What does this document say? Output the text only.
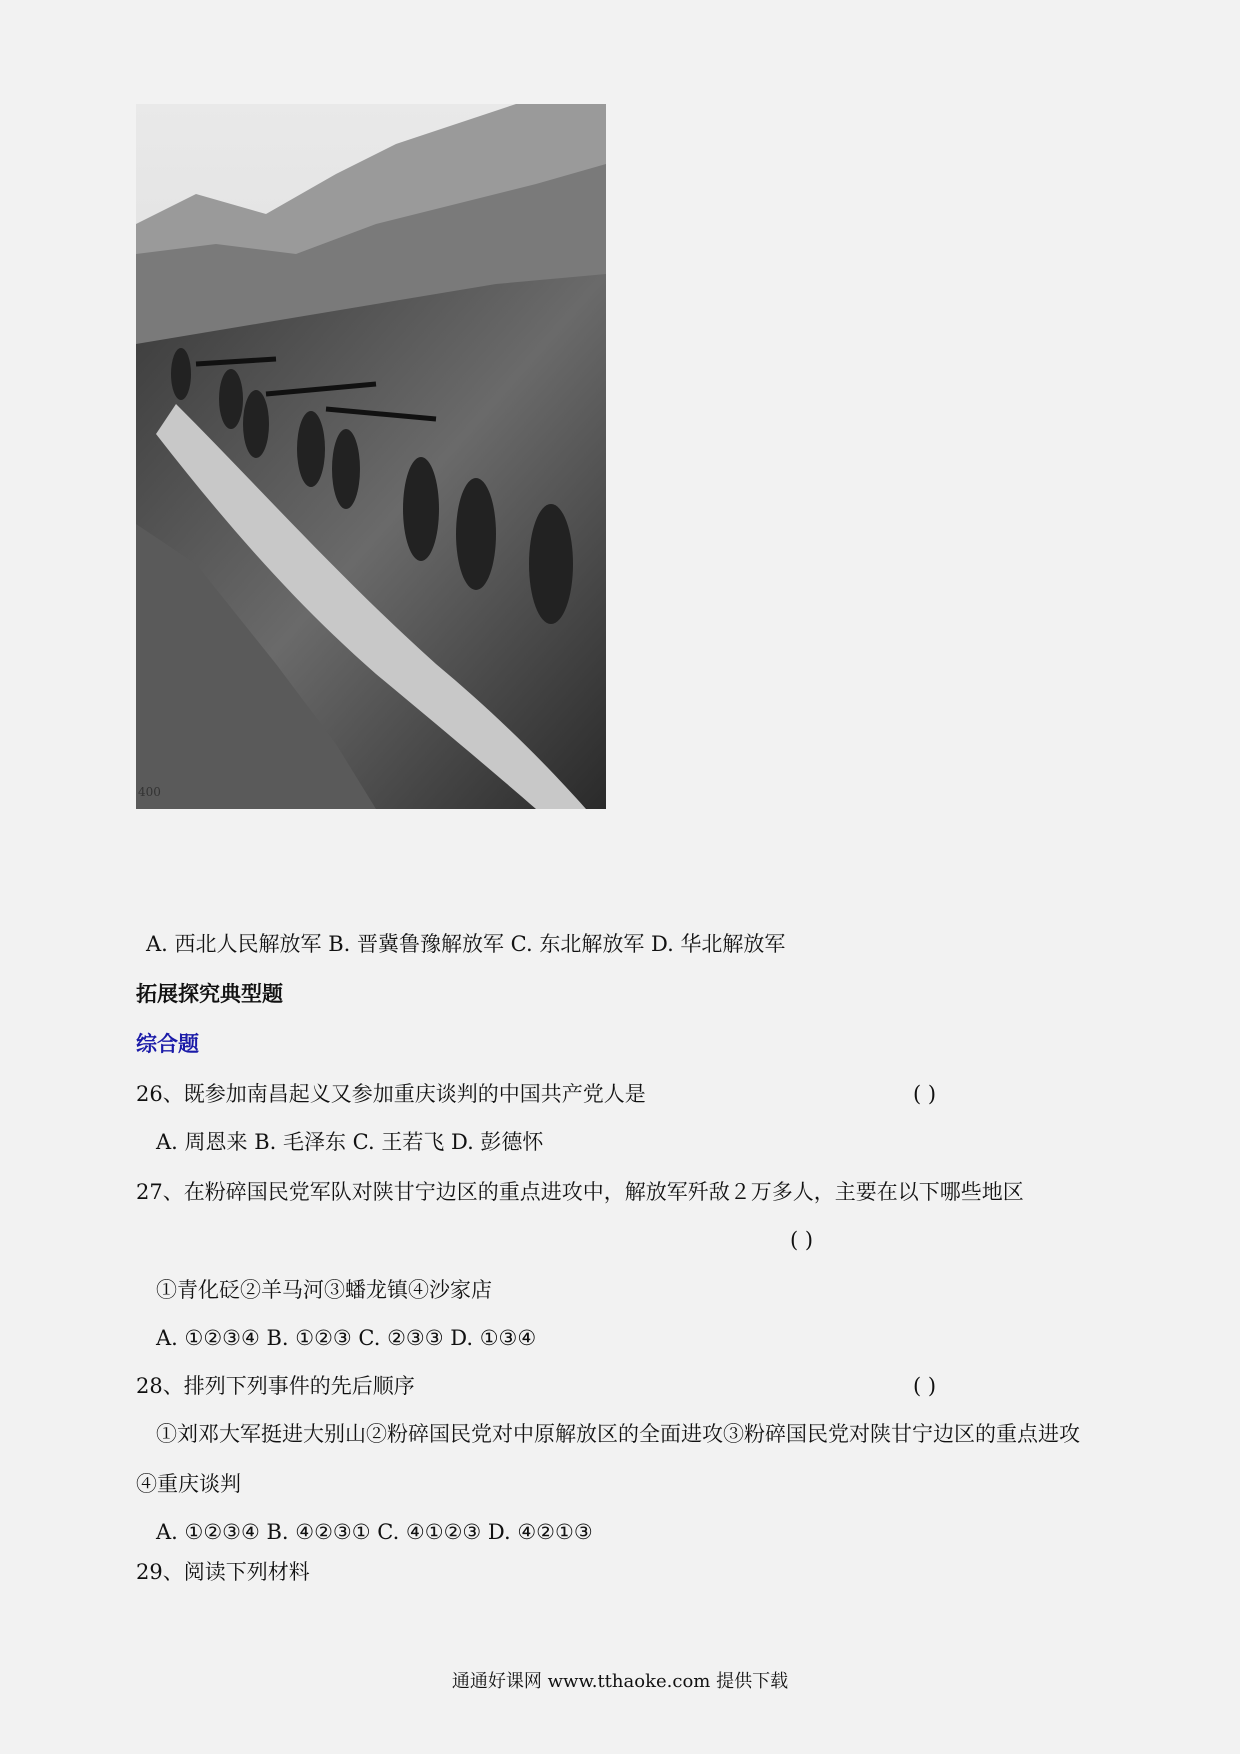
400
A. 西北人民解放军 B. 晋冀鲁豫解放军 C. 东北解放军 D. 华北解放军
拓展探究典型题
综合题
26、既参加南昌起义又参加重庆谈判的中国共产党人是	( )
A. 周恩来 B. 毛泽东 C. 王若飞 D. 彭德怀
27、在粉碎国民党军队对陕甘宁边区的重点进攻中，解放军歼敌２万多人，主要在以下哪些地区
( )
①青化砭②羊马河③蟠龙镇④沙家店
A. ①②③④ B. ①②③ C. ②③③ D. ①③④
28、排列下列事件的先后顺序	( )
①刘邓大军挺进大别山②粉碎国民党对中原解放区的全面进攻③粉碎国民党对陕甘宁边区的重点进攻
④重庆谈判
A. ①②③④ B. ④②③① C. ④①②③ D. ④②①③
29、阅读下列材料
通通好课网 www.tthaoke.com 提供下载
